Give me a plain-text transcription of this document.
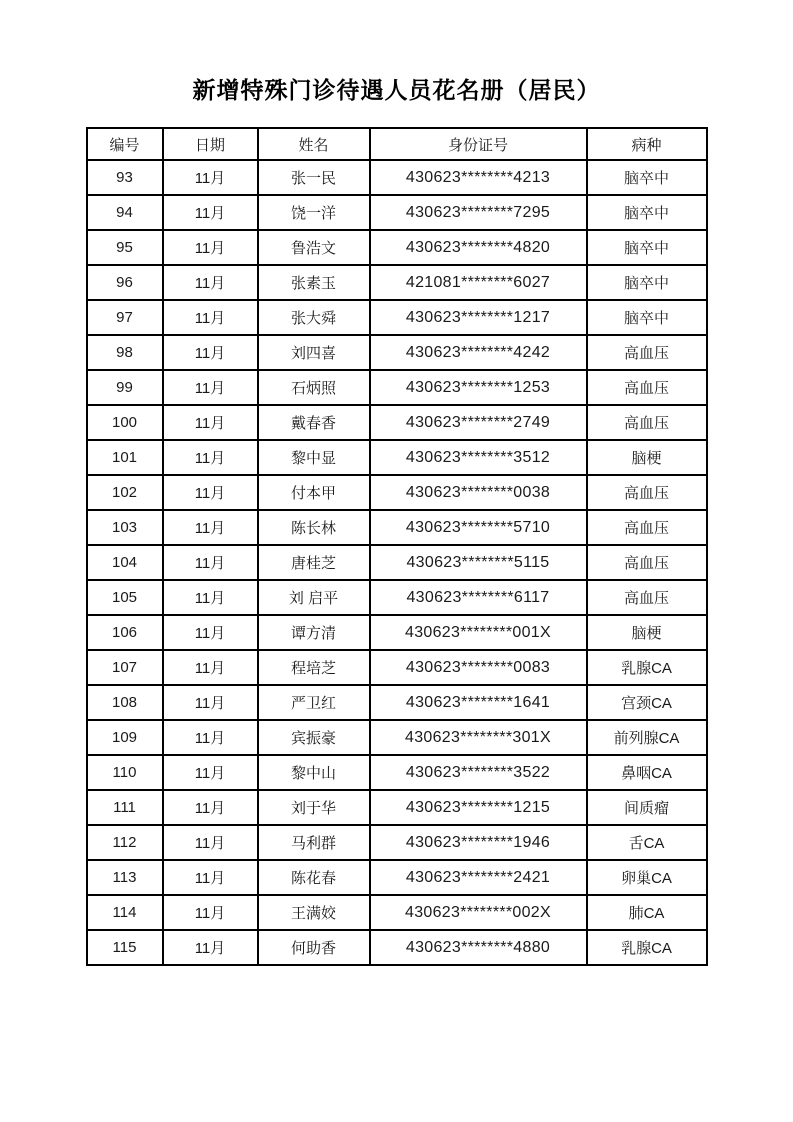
新增特殊门诊待遇人员花名册（居民）
编号	日期	姓名	身份证号	病种
93	11月	张一民	430623********4213	脑卒中
94	11月	饶一洋	430623********7295	脑卒中
95	11月	鲁浩文	430623********4820	脑卒中
96	11月	张素玉	421081********6027	脑卒中
97	11月	张大舜	430623********1217	脑卒中
98	11月	刘四喜	430623********4242	高血压
99	11月	石炳照	430623********1253	高血压
100	11月	戴春香	430623********2749	高血压
101	11月	黎中显	430623********3512	脑梗
102	11月	付本甲	430623********0038	高血压
103	11月	陈长林	430623********5710	高血压
104	11月	唐桂芝	430623********5115	高血压
105	11月	刘 启平	430623********6117	高血压
106	11月	谭方清	430623********001X	脑梗
107	11月	程培芝	430623********0083	乳腺CA
108	11月	严卫红	430623********1641	宫颈CA
109	11月	宾振豪	430623********301X	前列腺CA
110	11月	黎中山	430623********3522	鼻咽CA
111	11月	刘于华	430623********1215	间质瘤
112	11月	马利群	430623********1946	舌CA
113	11月	陈花春	430623********2421	卵巢CA
114	11月	王满姣	430623********002X	肺CA
115	11月	何助香	430623********4880	乳腺CA
